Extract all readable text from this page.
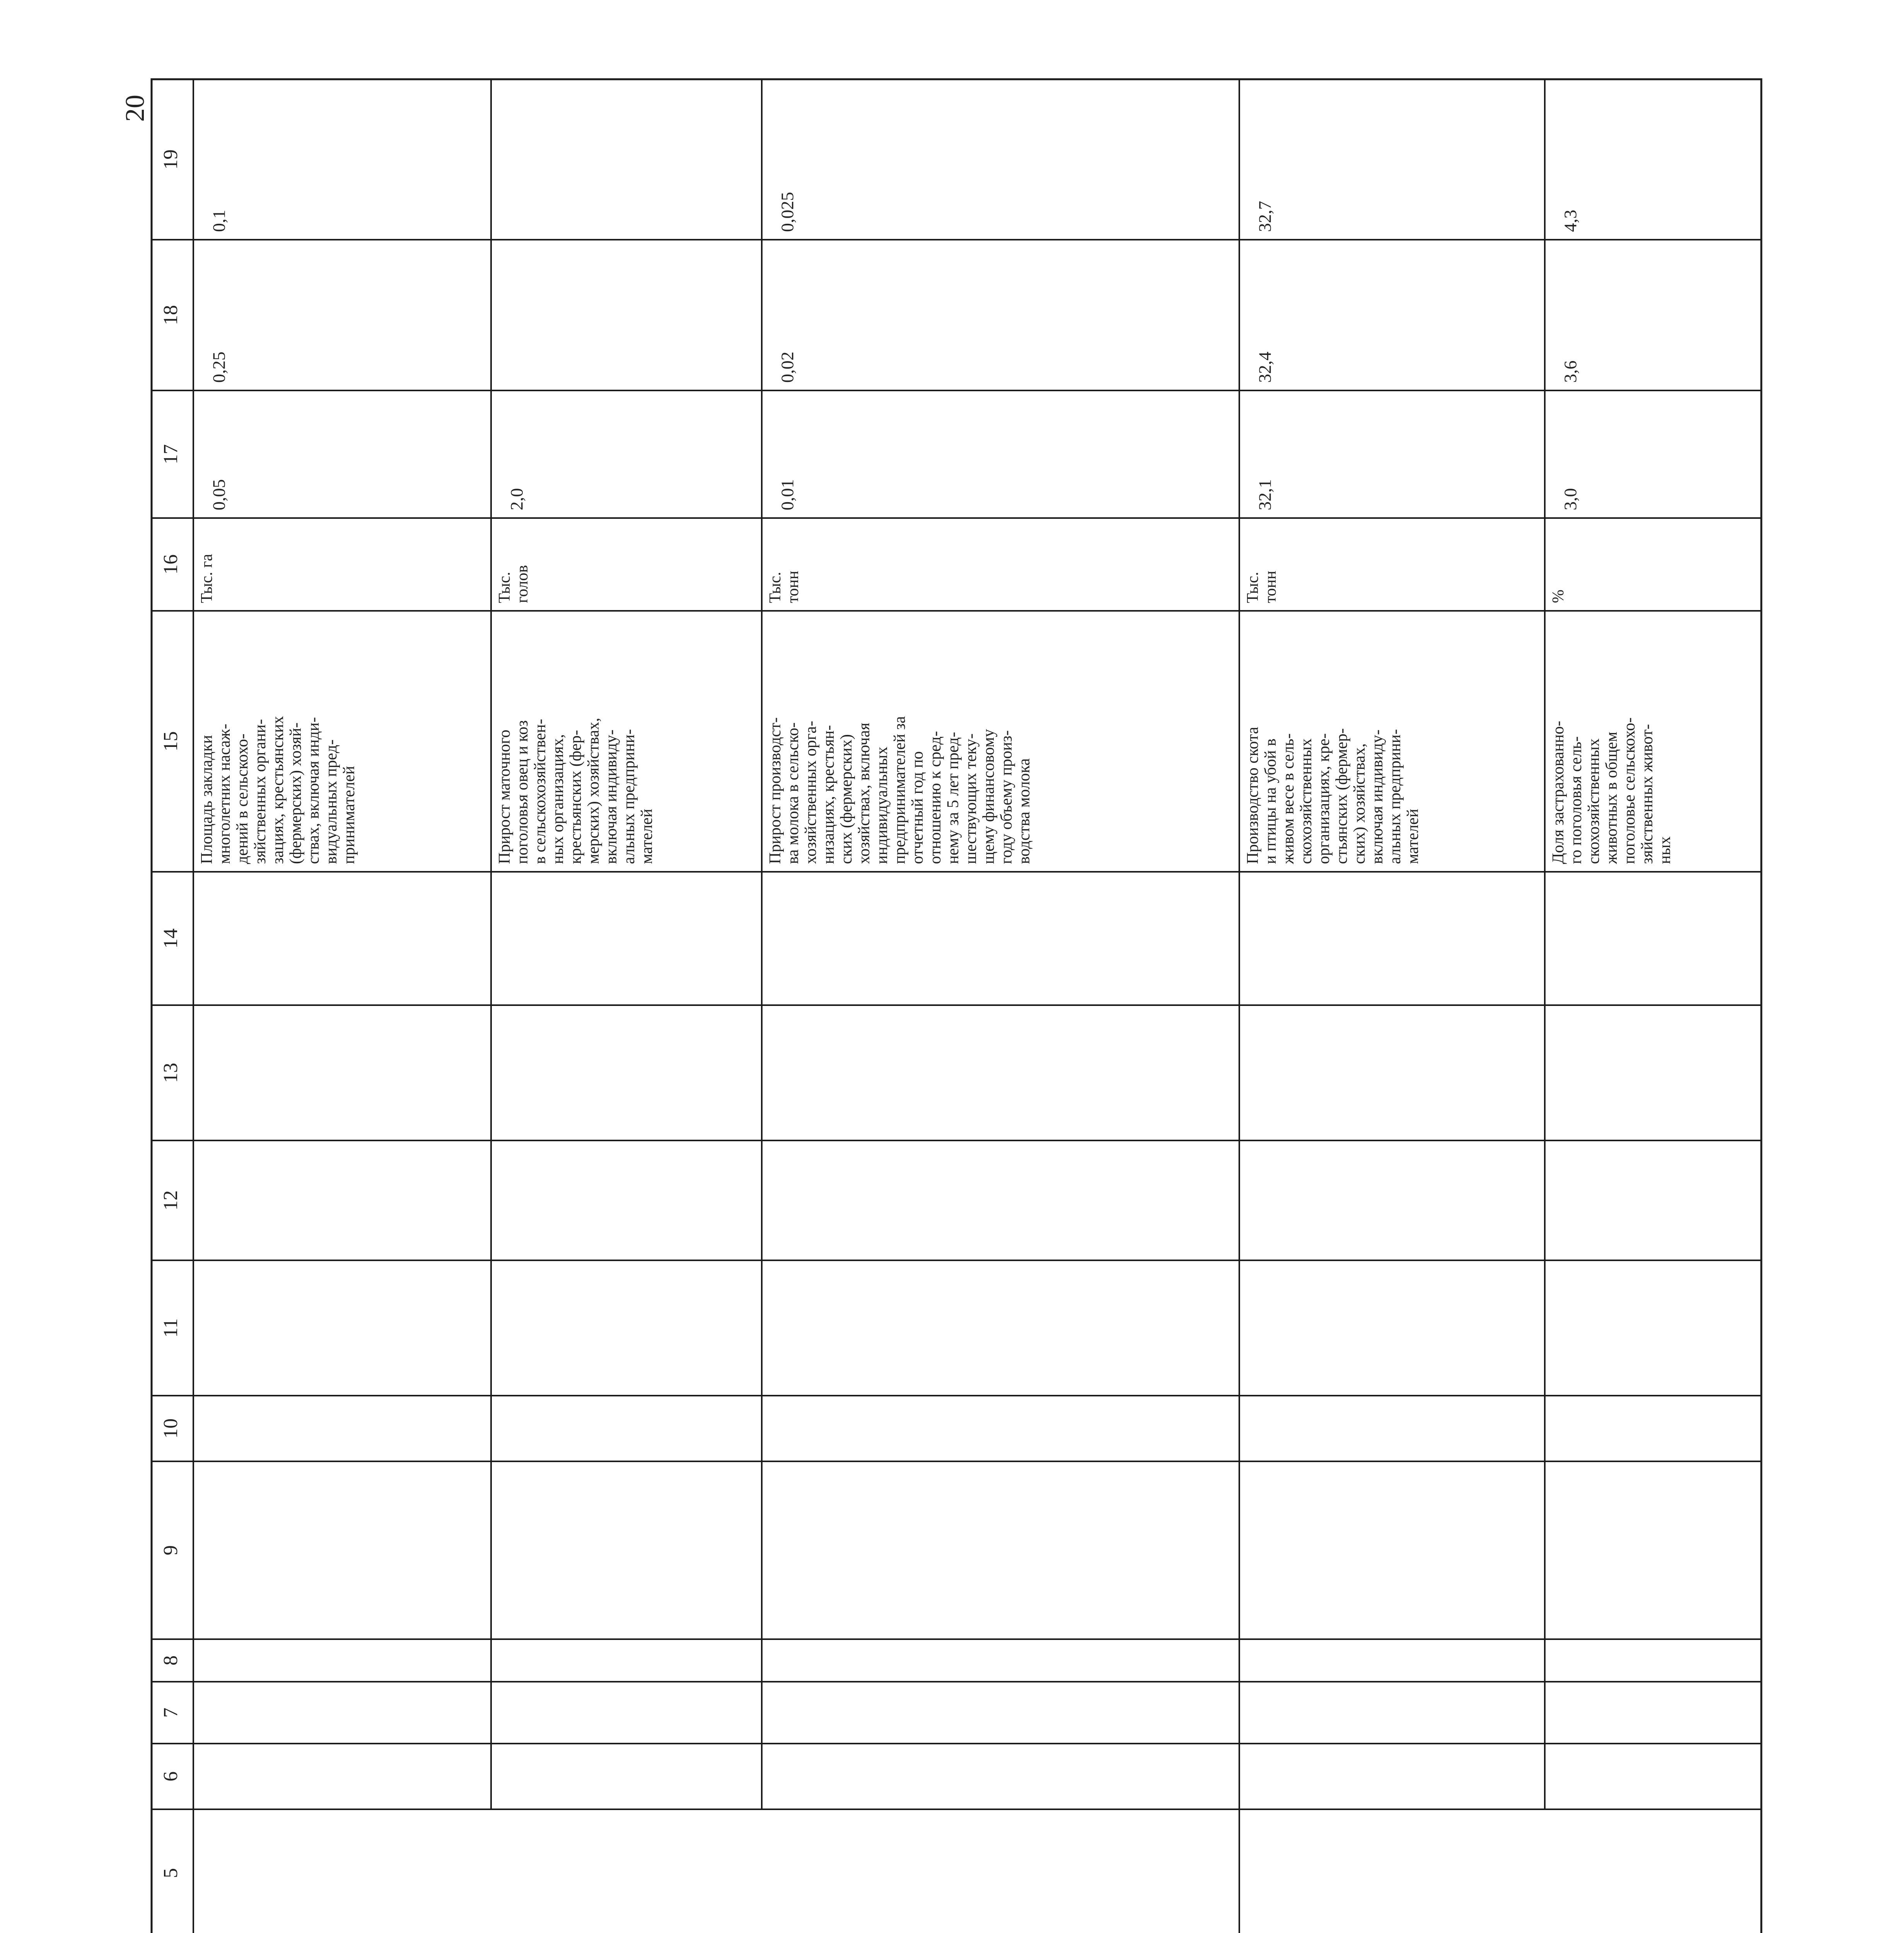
20
5
6
7
8
9
10
11
12
13
14
15
16
17
18
19
Площадь закладки многолетних насаж- дений в сельскохо- зяйственных органи- зациях, крестьянских (фермерских) хозяй- ствах, включая инди- видуальных пред- принимателей
Тыс. га
0,05
0,25
0,1
Прирост маточного поголовья овец и коз в сельскохозяйствен- ных организациях, крестьянских (фер- мерских) хозяйствах, включая индивиду- альных предприни- мателей
Тыс. голов
2,0
Прирост производст- ва молока в сельско- хозяйственных орга- низациях, крестьян- ских (фермерских) хозяйствах, включая индивидуальных предпринимателей за отчетный год по отношению к сред- нему за 5 лет пред- шествующих теку- щему финансовому году объему произ- водства молока
Тыс. тонн
0,01
0,02
0,025
Производство скота и птицы на убой в живом весе в сель- скохозяйственных организациях, кре- стьянских (фермер- ских) хозяйствах, включая индивиду- альных предприни- мателей
Тыс. тонн
32,1
32,4
32,7
Доля застрахованно- го поголовья сель- скохозяйственных животных в общем поголовье сельскохо- зяйственных живот- ных
%
3,0
3,6
4,3
